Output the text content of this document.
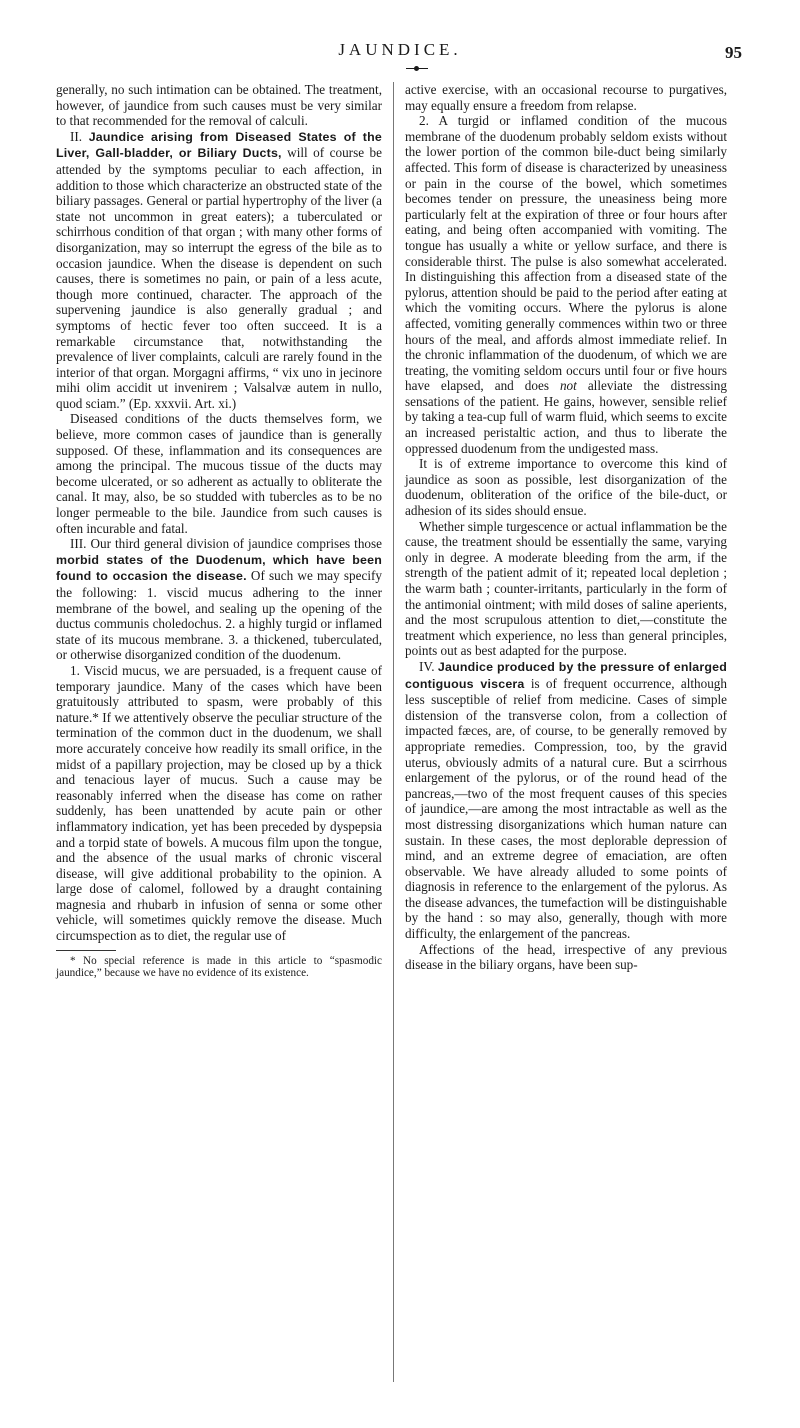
JAUNDICE.	95

generally, no such intimation can be obtained. The treatment, however, of jaundice from such causes must be very similar to that recommended for the removal of calculi.

II. Jaundice arising from Diseased States of the Liver, Gall-bladder, or Biliary Ducts, will of course be attended by the symptoms peculiar to each affection, in addition to those which characterize an obstructed state of the biliary passages. General or partial hypertrophy of the liver (a state not uncommon in great eaters); a tuberculated or schirrhous condition of that organ ; with many other forms of disorganization, may so interrupt the egress of the bile as to occasion jaundice. When the disease is dependent on such causes, there is sometimes no pain, or pain of a less acute, though more continued, character. The approach of the supervening jaundice is also generally gradual ; and symptoms of hectic fever too often succeed. It is a remarkable circumstance that, notwithstanding the prevalence of liver complaints, calculi are rarely found in the interior of that organ. Morgagni affirms, “ vix uno in jecinore mihi olim accidit ut invenirem ; Valsalvæ autem in nullo, quod sciam.” (Ep. xxxvii. Art. xi.)

Diseased conditions of the ducts themselves form, we believe, more common cases of jaundice than is generally supposed. Of these, inflammation and its consequences are among the principal. The mucous tissue of the ducts may become ulcerated, or so adherent as actually to obliterate the canal. It may, also, be so studded with tubercles as to be no longer permeable to the bile. Jaundice from such causes is often incurable and fatal.

III. Our third general division of jaundice comprises those morbid states of the Duodenum, which have been found to occasion the disease. Of such we may specify the following: 1. viscid mucus adhering to the inner membrane of the bowel, and sealing up the opening of the ductus communis choledochus. 2. a highly turgid or inflamed state of its mucous membrane. 3. a thickened, tuberculated, or otherwise disorganized condition of the duodenum.

1. Viscid mucus, we are persuaded, is a frequent cause of temporary jaundice. Many of the cases which have been gratuitously attributed to spasm, were probably of this nature.* If we attentively observe the peculiar structure of the termination of the common duct in the duodenum, we shall more accurately conceive how readily its small orifice, in the midst of a papillary projection, may be closed up by a thick and tenacious layer of mucus. Such a cause may be reasonably inferred when the disease has come on rather suddenly, has been unattended by acute pain or other inflammatory indication, yet has been preceded by dyspepsia and a torpid state of bowels. A mucous film upon the tongue, and the absence of the usual marks of chronic visceral disease, will give additional probability to the opinion. A large dose of calomel, followed by a draught containing magnesia and rhubarb in infusion of senna or some other vehicle, will sometimes quickly remove the disease. Much circumspection as to diet, the regular use of

* No special reference is made in this article to “spasmodic jaundice,” because we have no evidence of its existence.

active exercise, with an occasional recourse to purgatives, may equally ensure a freedom from relapse.

2. A turgid or inflamed condition of the mucous membrane of the duodenum probably seldom exists without the lower portion of the common bile-duct being similarly affected. This form of disease is characterized by uneasiness or pain in the course of the bowel, which sometimes becomes tender on pressure, the uneasiness being more particularly felt at the expiration of three or four hours after eating, and being often accompanied with vomiting. The tongue has usually a white or yellow surface, and there is considerable thirst. The pulse is also somewhat accelerated. In distinguishing this affection from a diseased state of the pylorus, attention should be paid to the period after eating at which the vomiting occurs. Where the pylorus is alone affected, vomiting generally commences within two or three hours of the meal, and affords almost immediate relief. In the chronic inflammation of the duodenum, of which we are treating, the vomiting seldom occurs until four or five hours have elapsed, and does not alleviate the distressing sensations of the patient. He gains, however, sensible relief by taking a tea-cup full of warm fluid, which seems to excite an increased peristaltic action, and thus to liberate the oppressed duodenum from the undigested mass.

It is of extreme importance to overcome this kind of jaundice as soon as possible, lest disorganization of the duodenum, obliteration of the orifice of the bile-duct, or adhesion of its sides should ensue.

Whether simple turgescence or actual inflammation be the cause, the treatment should be essentially the same, varying only in degree. A moderate bleeding from the arm, if the strength of the patient admit of it; repeated local depletion ; the warm bath ; counter-irritants, particularly in the form of the antimonial ointment; with mild doses of saline aperients, and the most scrupulous attention to diet,—constitute the treatment which experience, no less than general principles, points out as best adapted for the purpose.

IV. Jaundice produced by the pressure of enlarged contiguous viscera is of frequent occurrence, although less susceptible of relief from medicine. Cases of simple distension of the transverse colon, from a collection of impacted fæces, are, of course, to be generally removed by appropriate remedies. Compression, too, by the gravid uterus, obviously admits of a natural cure. But a scirrhous enlargement of the pylorus, or of the round head of the pancreas,—two of the most frequent causes of this species of jaundice,—are among the most intractable as well as the most distressing disorganizations which human nature can sustain. In these cases, the most deplorable depression of mind, and an extreme degree of emaciation, are often observable. We have already alluded to some points of diagnosis in reference to the enlargement of the pylorus. As the disease advances, the tumefaction will be distinguishable by the hand : so may also, generally, though with more difficulty, the enlargement of the pancreas.

Affections of the head, irrespective of any previous disease in the biliary organs, have been sup-
